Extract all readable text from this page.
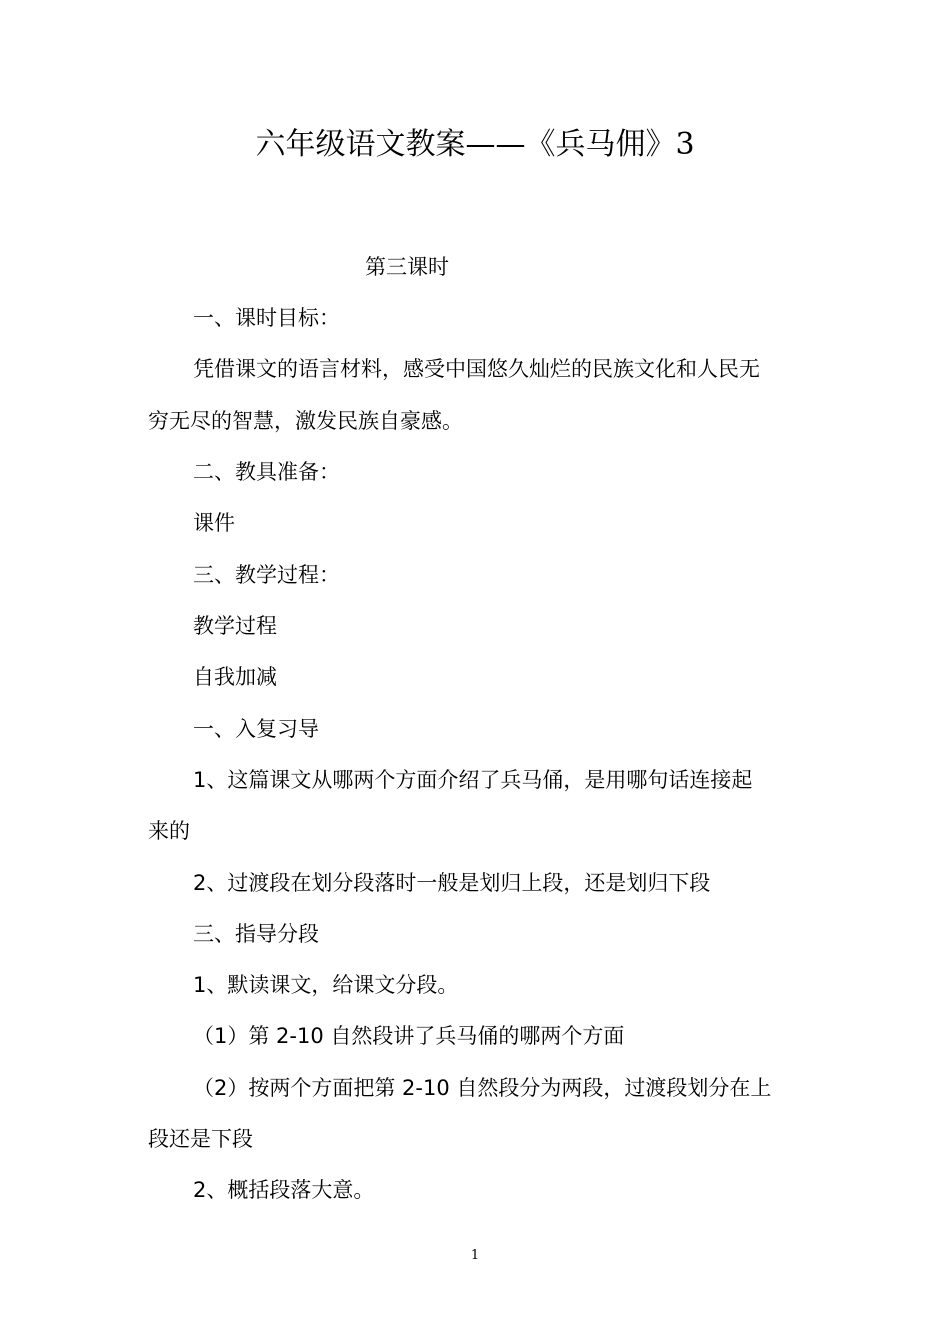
六年级语文教案——《兵马佣》3

第三课时

一、课时目标：

凭借课文的语言材料，感受中国悠久灿烂的民族文化和人民无

穷无尽的智慧，激发民族自豪感。

二、教具准备：

课件

三、教学过程：

教学过程

自我加减

一、入复习导

1、这篇课文从哪两个方面介绍了兵马俑，是用哪句话连接起

来的

2、过渡段在划分段落时一般是划归上段，还是划归下段

三、指导分段

1、默读课文，给课文分段。

（1）第 2-10 自然段讲了兵马俑的哪两个方面

（2）按两个方面把第 2-10 自然段分为两段，过渡段划分在上

段还是下段

2、概括段落大意。

1
